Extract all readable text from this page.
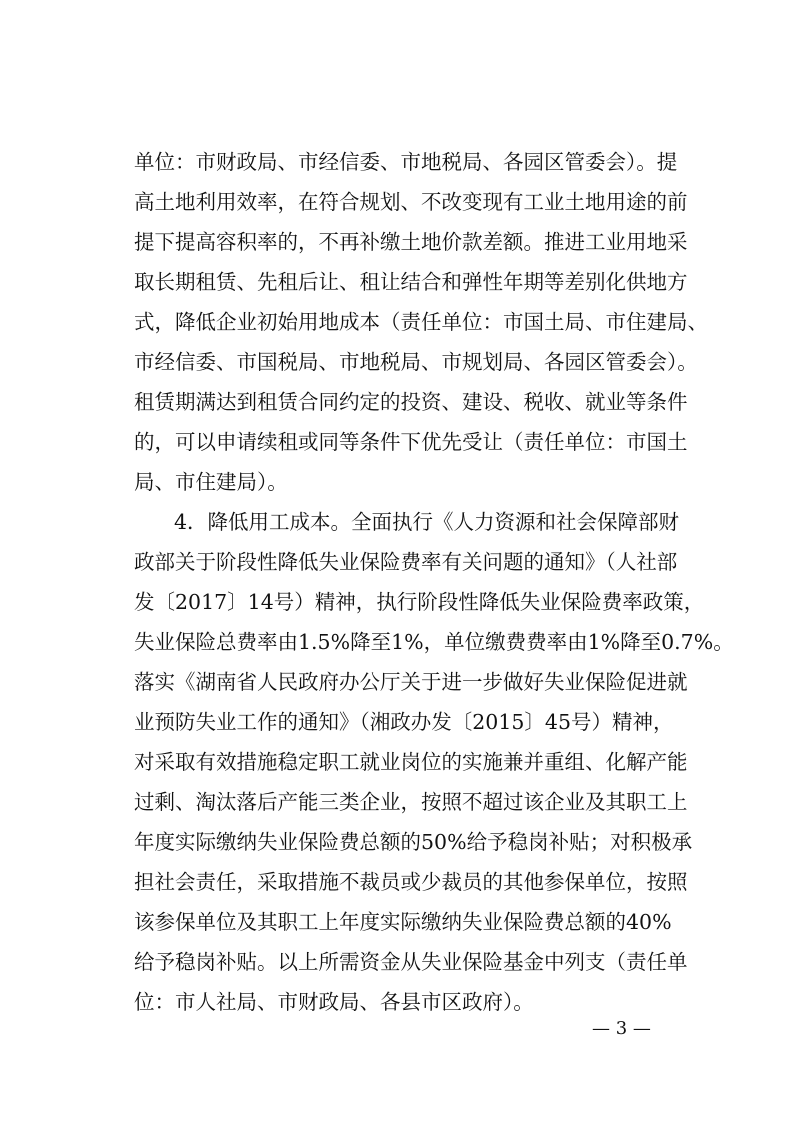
单位：市财政局、市经信委、市地税局、各园区管委会）。提
高土地利用效率，在符合规划、不改变现有工业土地用途的前
提下提高容积率的，不再补缴土地价款差额。推进工业用地采
取长期租赁、先租后让、租让结合和弹性年期等差别化供地方
式，降低企业初始用地成本（责任单位：市国土局、市住建局、
市经信委、市国税局、市地税局、市规划局、各园区管委会）。
租赁期满达到租赁合同约定的投资、建设、税收、就业等条件
的，可以申请续租或同等条件下优先受让（责任单位：市国土
局、市住建局）。
4．降低用工成本。全面执行《人力资源和社会保障部财
政部关于阶段性降低失业保险费率有关问题的通知》（人社部
发〔2017〕14号）精神，执行阶段性降低失业保险费率政策，
失业保险总费率由1.5%降至1%，单位缴费费率由1%降至0.7%。
落实《湖南省人民政府办公厅关于进一步做好失业保险促进就
业预防失业工作的通知》（湘政办发〔2015〕45号）精神，
对采取有效措施稳定职工就业岗位的实施兼并重组、化解产能
过剩、淘汰落后产能三类企业，按照不超过该企业及其职工上
年度实际缴纳失业保险费总额的50%给予稳岗补贴；对积极承
担社会责任，采取措施不裁员或少裁员的其他参保单位，按照
该参保单位及其职工上年度实际缴纳失业保险费总额的40%
给予稳岗补贴。以上所需资金从失业保险基金中列支（责任单
位：市人社局、市财政局、各县市区政府）。
— 3 —
